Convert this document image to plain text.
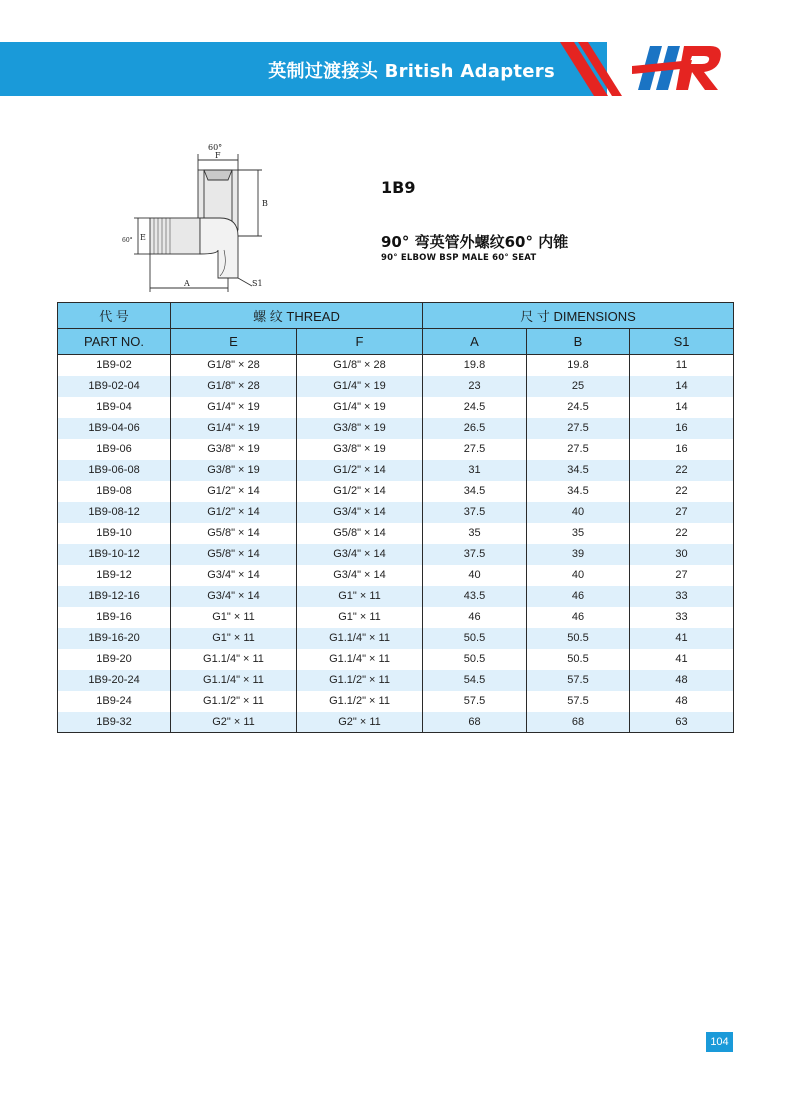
英制过渡接头 British Adapters
60°
F
B
60° E
A	S1
1B9
90° 弯英管外螺纹60° 内锥
90° ELBOW BSP MALE 60° SEAT
代 号	螺 纹 THREAD		尺 寸 DIMENSIONS		
PART NO.	E	F	A	B	S1
1B9-02	G1/8" × 28	G1/8" × 28	19.8	19.8	11
1B9-02-04	G1/8" × 28	G1/4" × 19	23	25	14
1B9-04	G1/4" × 19	G1/4" × 19	24.5	24.5	14
1B9-04-06	G1/4" × 19	G3/8" × 19	26.5	27.5	16
1B9-06	G3/8" × 19	G3/8" × 19	27.5	27.5	16
1B9-06-08	G3/8" × 19	G1/2" × 14	31	34.5	22
1B9-08	G1/2" × 14	G1/2" × 14	34.5	34.5	22
1B9-08-12	G1/2" × 14	G3/4" × 14	37.5	40	27
1B9-10	G5/8" × 14	G5/8" × 14	35	35	22
1B9-10-12	G5/8" × 14	G3/4" × 14	37.5	39	30
1B9-12	G3/4" × 14	G3/4" × 14	40	40	27
1B9-12-16	G3/4" × 14	G1" × 11	43.5	46	33
1B9-16	G1" × 11	G1" × 11	46	46	33
1B9-16-20	G1" × 11	G1.1/4" × 11	50.5	50.5	41
1B9-20	G1.1/4" × 11	G1.1/4" × 11	50.5	50.5	41
1B9-20-24	G1.1/4" × 11	G1.1/2" × 11	54.5	57.5	48
1B9-24	G1.1/2" × 11	G1.1/2" × 11	57.5	57.5	48
1B9-32	G2" × 11	G2" × 11	68	68	63
104
